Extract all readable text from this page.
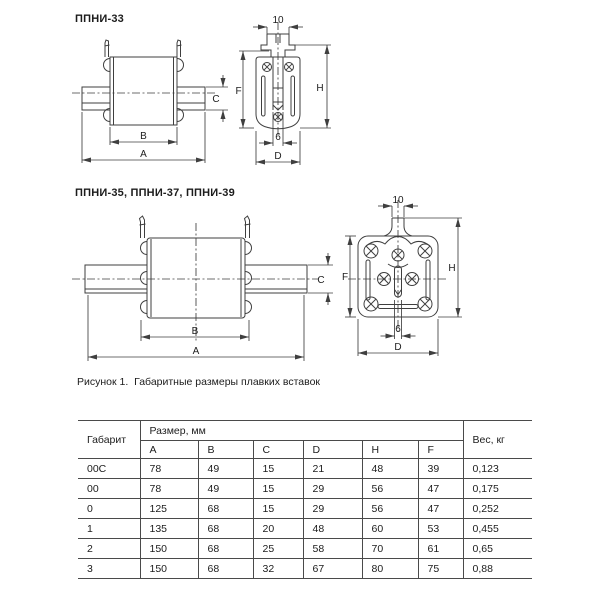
ППНИ-33
C
B
A
10
F	H
6
D
ППНИ-35, ППНИ-37, ППНИ-39
C
B
A
10
F
H
6
D
Рисунок 1.  Габаритные размеры плавких вставок
Габарит	Размер, мм						Вес, кг
	A	B	C	D	H	F	
00C	78	49	15	21	48	39	0,123
00	78	49	15	29	56	47	0,175
0	125	68	15	29	56	47	0,252
1	135	68	20	48	60	53	0,455
2	150	68	25	58	70	61	0,65
3	150	68	32	67	80	75	0,88
